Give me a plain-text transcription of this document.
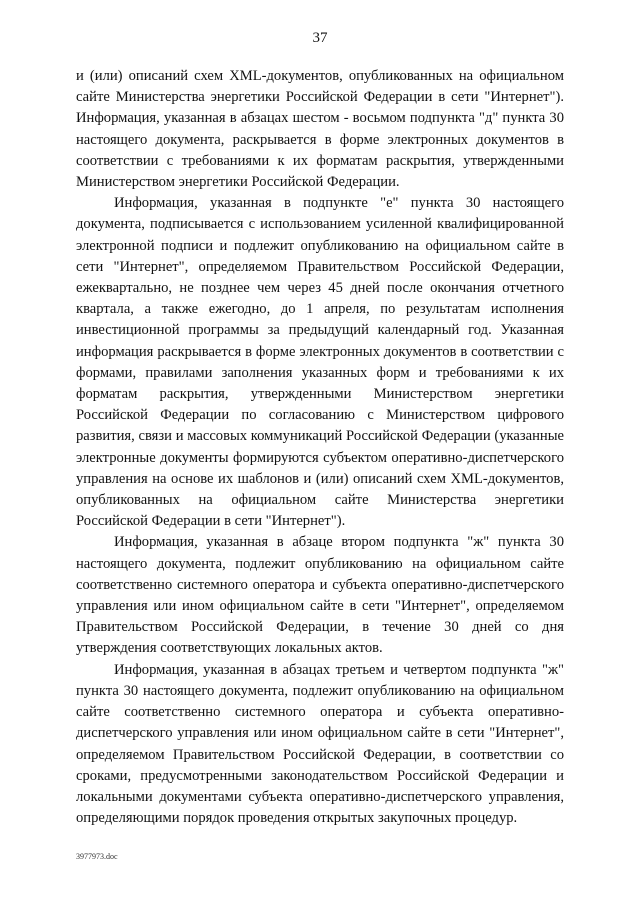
37

и (или) описаний схем XML-документов, опубликованных на официальном сайте Министерства энергетики Российской Федерации в сети "Интернет"). Информация, указанная в абзацах шестом - восьмом подпункта "д" пункта 30 настоящего документа, раскрывается в форме электронных документов в соответствии с требованиями к их форматам раскрытия, утвержденными Министерством энергетики Российской Федерации.

Информация, указанная в подпункте "е" пункта 30 настоящего документа, подписывается с использованием усиленной квалифицированной электронной подписи и подлежит опубликованию на официальном сайте в сети "Интернет", определяемом Правительством Российской Федерации, ежеквартально, не позднее чем через 45 дней после окончания отчетного квартала, а также ежегодно, до 1 апреля, по результатам исполнения инвестиционной программы за предыдущий календарный год. Указанная информация раскрывается в форме электронных документов в соответствии с формами, правилами заполнения указанных форм и требованиями к их форматам раскрытия, утвержденными Министерством энергетики Российской Федерации по согласованию с Министерством цифрового развития, связи и массовых коммуникаций Российской Федерации (указанные электронные документы формируются субъектом оперативно-диспетчерского управления на основе их шаблонов и (или) описаний схем XML-документов, опубликованных на официальном сайте Министерства энергетики Российской Федерации в сети "Интернет").

Информация, указанная в абзаце втором подпункта "ж" пункта 30 настоящего документа, подлежит опубликованию на официальном сайте соответственно системного оператора и субъекта оперативно-диспетчерского управления или ином официальном сайте в сети "Интернет", определяемом Правительством Российской Федерации, в течение 30 дней со дня утверждения соответствующих локальных актов.

Информация, указанная в абзацах третьем и четвертом подпункта "ж" пункта 30 настоящего документа, подлежит опубликованию на официальном сайте соответственно системного оператора и субъекта оперативно-диспетчерского управления или ином официальном сайте в сети "Интернет", определяемом Правительством Российской Федерации, в соответствии со сроками, предусмотренными законодательством Российской Федерации и локальными документами субъекта оперативно-диспетчерского управления, определяющими порядок проведения открытых закупочных процедур.

3977973.doc
